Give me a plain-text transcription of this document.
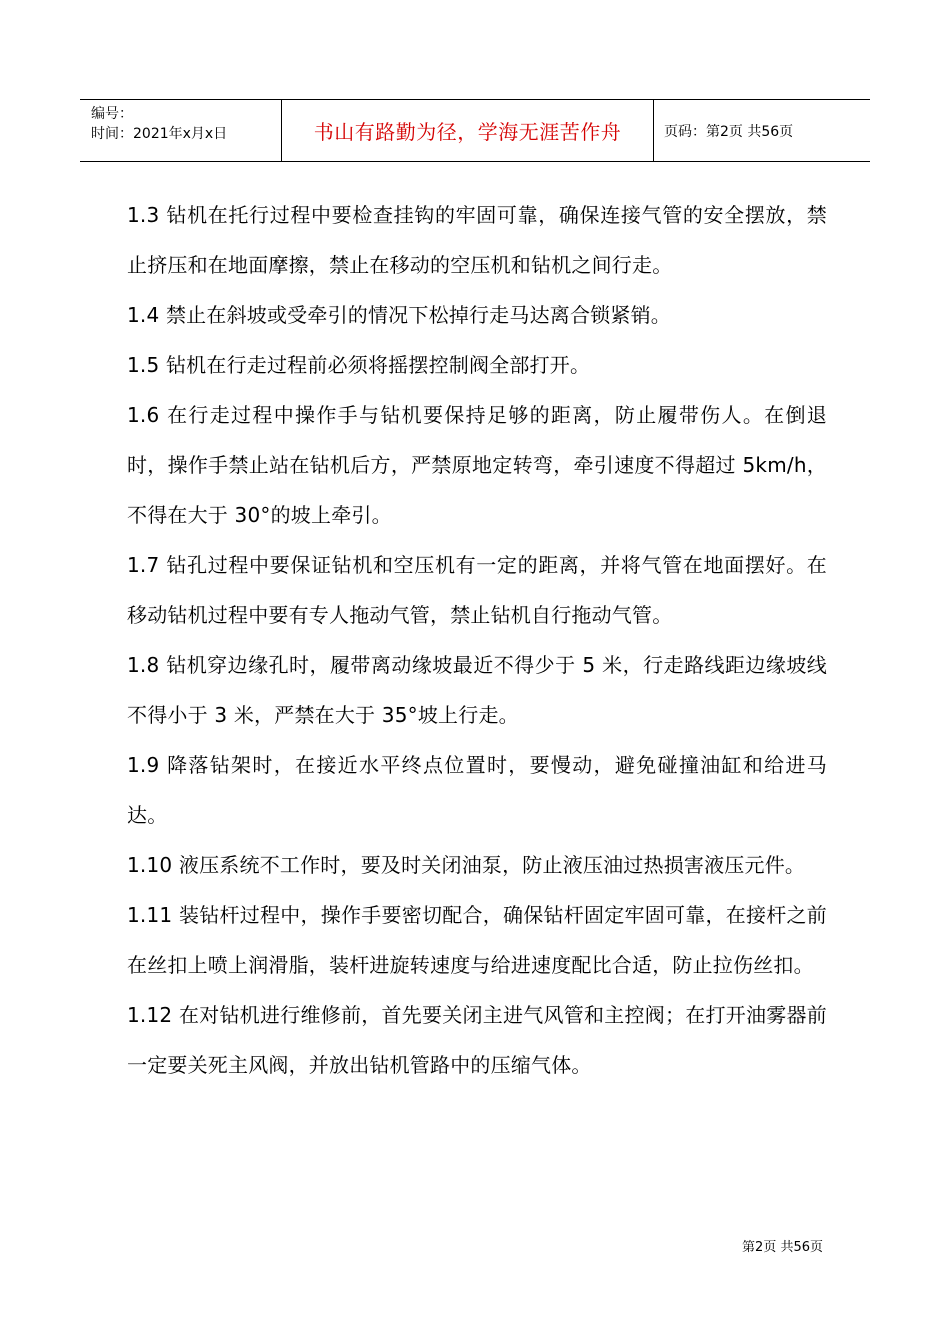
编号：
时间：2021年x月x日	书山有路勤为径，学海无涯苦作舟	页码：第2页 共56页

1.3 钻机在托行过程中要检查挂钩的牢固可靠，确保连接气管的安全摆放，禁止挤压和在地面摩擦，禁止在移动的空压机和钻机之间行走。

1.4 禁止在斜坡或受牵引的情况下松掉行走马达离合锁紧销。

1.5 钻机在行走过程前必须将摇摆控制阀全部打开。

1.6 在行走过程中操作手与钻机要保持足够的距离，防止履带伤人。在倒退时，操作手禁止站在钻机后方，严禁原地定转弯，牵引速度不得超过 5km/h，不得在大于 30°的坡上牵引。

1.7 钻孔过程中要保证钻机和空压机有一定的距离，并将气管在地面摆好。在移动钻机过程中要有专人拖动气管，禁止钻机自行拖动气管。

1.8 钻机穿边缘孔时，履带离动缘坡最近不得少于 5 米，行走路线距边缘坡线不得小于 3 米，严禁在大于 35°坡上行走。

1.9 降落钻架时，在接近水平终点位置时，要慢动，避免碰撞油缸和给进马达。

1.10 液压系统不工作时，要及时关闭油泵，防止液压油过热损害液压元件。

1.11 装钻杆过程中，操作手要密切配合，确保钻杆固定牢固可靠，在接杆之前在丝扣上喷上润滑脂，装杆进旋转速度与给进速度配比合适，防止拉伤丝扣。

1.12 在对钻机进行维修前，首先要关闭主进气风管和主控阀；在打开油雾器前一定要关死主风阀，并放出钻机管路中的压缩气体。

第2页 共56页
